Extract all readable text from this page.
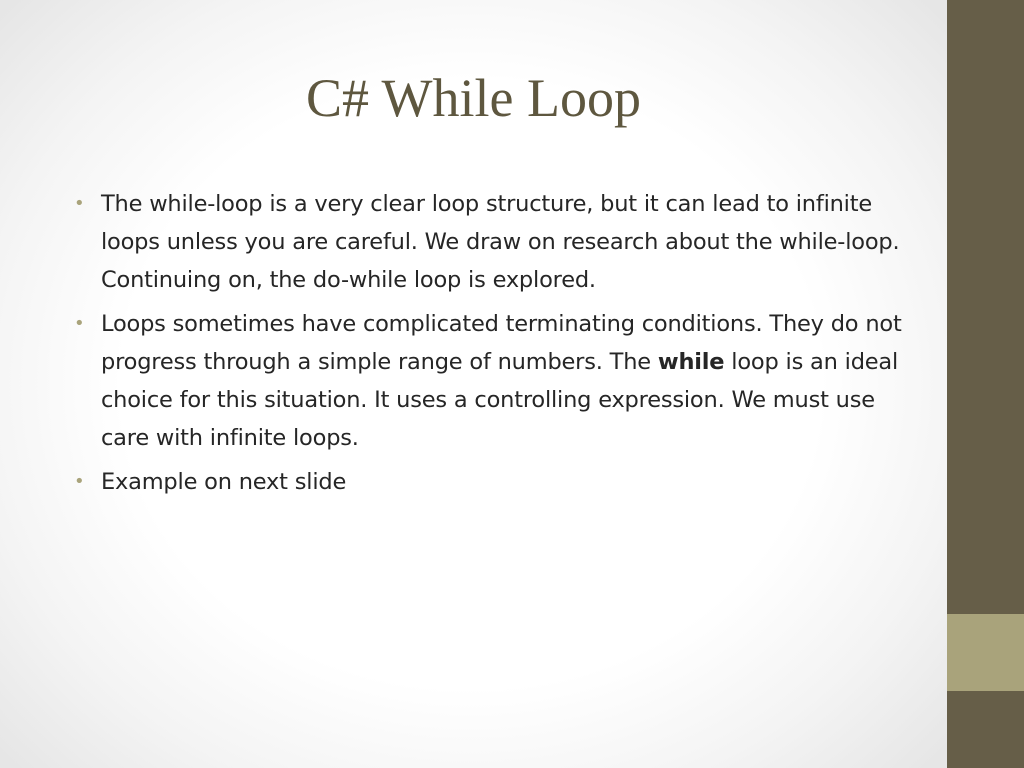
C# While Loop
• The while-loop is a very clear loop structure, but it can lead to infinite loops unless you are careful. We draw on research about the while-loop. Continuing on, the do-while loop is explored.
• Loops sometimes have complicated terminating conditions. They do not progress through a simple range of numbers. The while loop is an ideal choice for this situation. It uses a controlling expression. We must use care with infinite loops.
• Example on next slide
